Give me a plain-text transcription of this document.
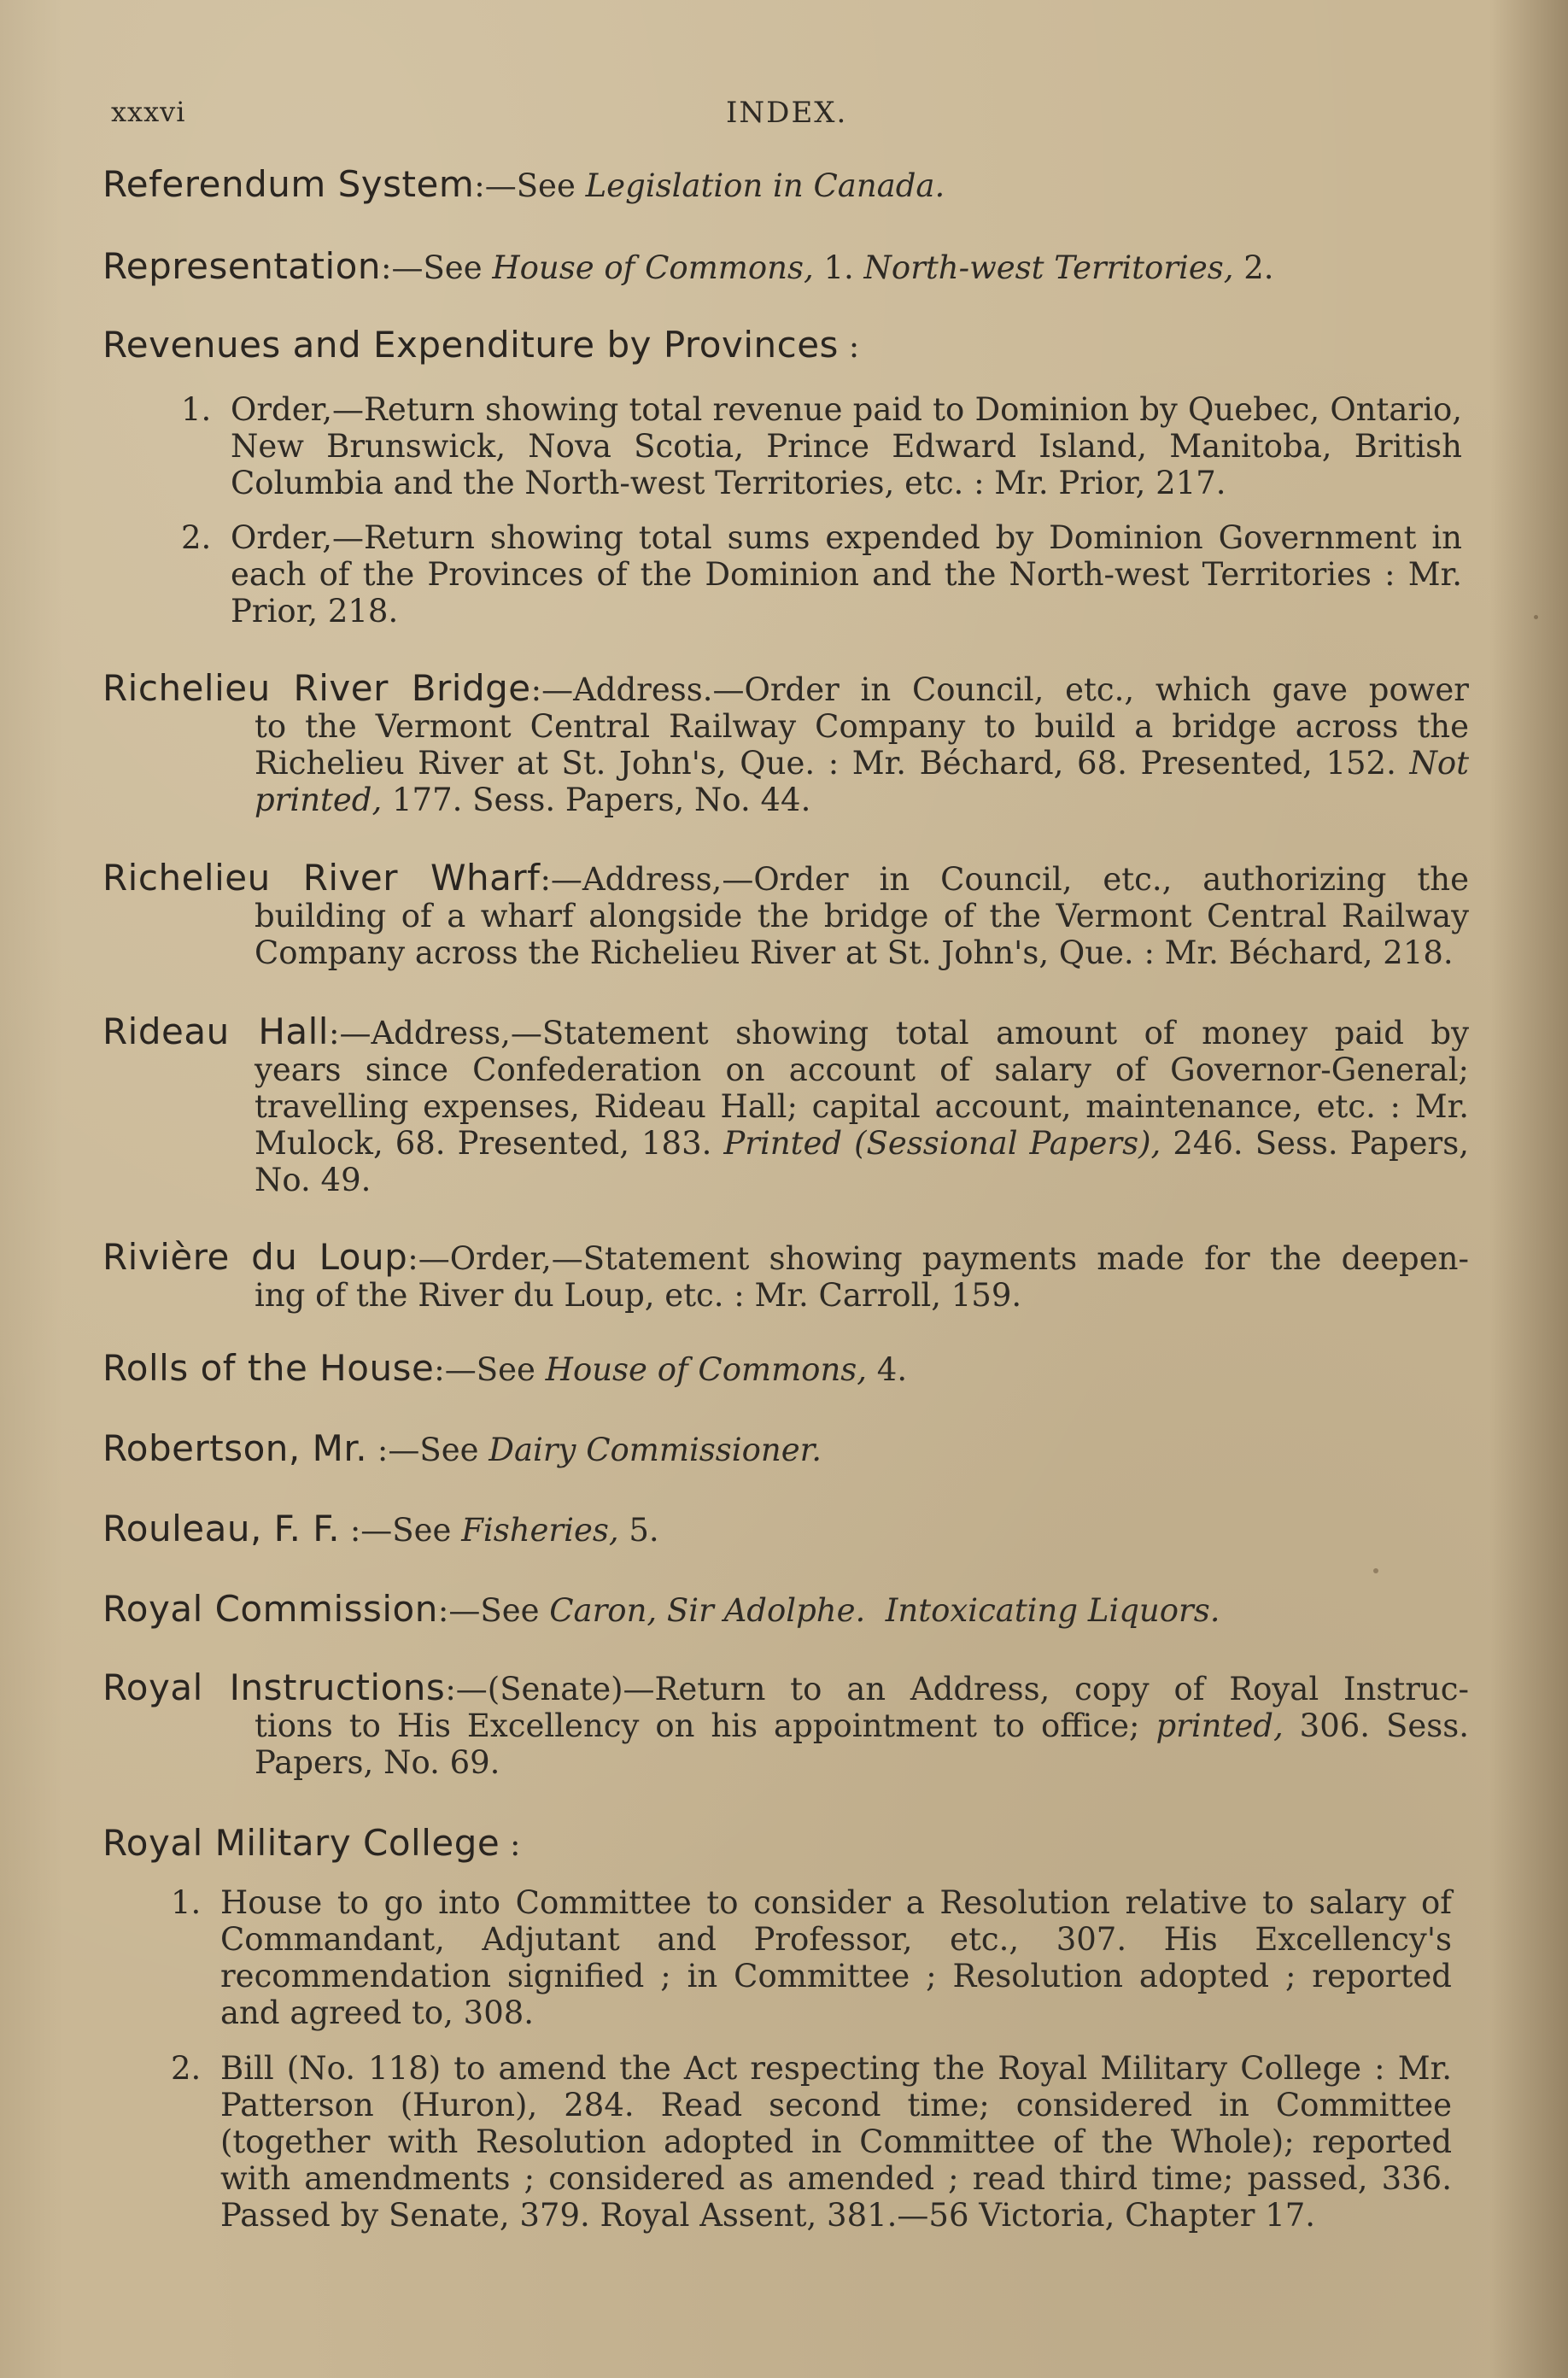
xxxvi	INDEX.
Referendum System:—See Legislation in Canada.
Representation:—See House of Commons, 1. North-west Territories, 2.
Revenues and Expenditure by Provinces :
1. Order,—Return showing total revenue paid to Dominion by Quebec, Ontario, New Brunswick, Nova Scotia, Prince Edward Island, Manitoba, British Columbia and the North-west Territories, etc. : Mr. Prior, 217.
2. Order,—Return showing total sums expended by Dominion Government in each of the Provinces of the Dominion and the North-west Territories : Mr. Prior, 218.
Richelieu River Bridge:—Address.—Order in Council, etc., which gave power
to the Vermont Central Railway Company to build a bridge across the Richelieu River at St. John's, Que. : Mr. Béchard, 68. Presented, 152. Not printed, 177. Sess. Papers, No. 44.
Richelieu River Wharf:—Address,—Order in Council, etc., authorizing the
building of a wharf alongside the bridge of the Vermont Central Railway Company across the Richelieu River at St. John's, Que. : Mr. Béchard, 218.
Rideau Hall:—Address,—Statement showing total amount of money paid by
years since Confederation on account of salary of Governor-General; travelling expenses, Rideau Hall; capital account, maintenance, etc. : Mr. Mulock, 68. Presented, 183. Printed (Sessional Papers), 246. Sess. Papers, No. 49.
Rivière du Loup:—Order,—Statement showing payments made for the deepen-
ing of the River du Loup, etc. : Mr. Carroll, 159.
Rolls of the House:—See House of Commons, 4.
Robertson, Mr. :—See Dairy Commissioner.
Rouleau, F. F. :—See Fisheries, 5.
Royal Commission:—See Caron, Sir Adolphe. Intoxicating Liquors.
Royal Instructions:—(Senate)—Return to an Address, copy of Royal Instruc-
tions to His Excellency on his appointment to office; printed, 306. Sess. Papers, No. 69.
Royal Military College :
1. House to go into Committee to consider a Resolution relative to salary of Commandant, Adjutant and Professor, etc., 307. His Excellency's recommendation signified ; in Committee ; Resolution adopted ; reported and agreed to, 308.
2. Bill (No. 118) to amend the Act respecting the Royal Military College : Mr. Patterson (Huron), 284. Read second time; considered in Committee (together with Resolution adopted in Committee of the Whole); reported with amendments ; considered as amended ; read third time; passed, 336. Passed by Senate, 379. Royal Assent, 381.—56 Victoria, Chapter 17.
